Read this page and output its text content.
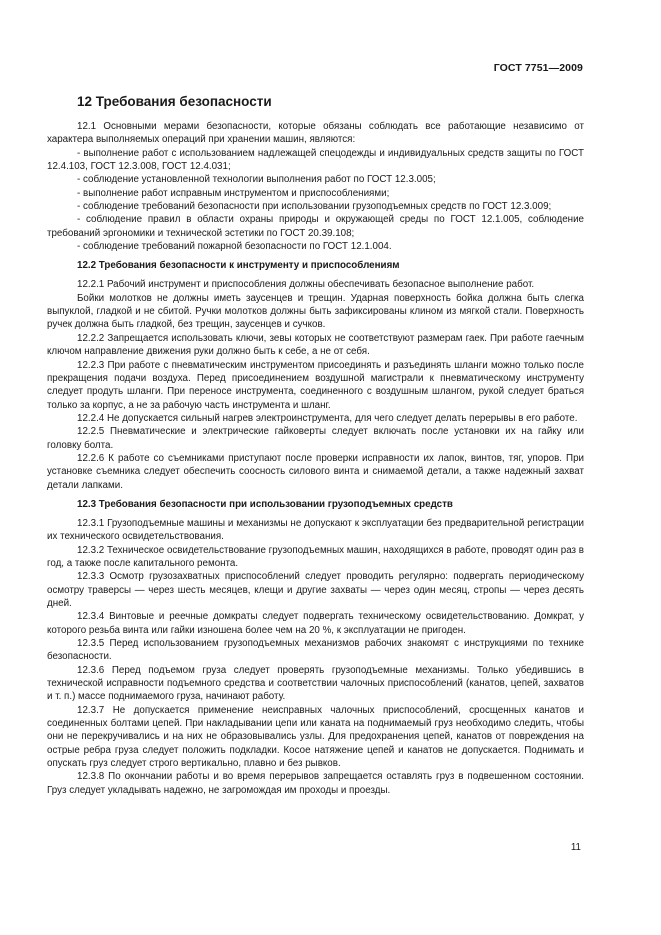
ГОСТ 7751—2009
12 Требования безопасности

12.1 Основными мерами безопасности, которые обязаны соблюдать все работающие независимо от характера выполняемых операций при хранении машин, являются:

- выполнение работ с использованием надлежащей спецодежды и индивидуальных средств защиты по ГОСТ 12.4.103, ГОСТ 12.3.008, ГОСТ 12.4.031;

- соблюдение установленной технологии выполнения работ по ГОСТ 12.3.005;

- выполнение работ исправным инструментом и приспособлениями;

- соблюдение требований безопасности при использовании грузоподъемных средств по ГОСТ 12.3.009;

- соблюдение правил в области охраны природы и окружающей среды по ГОСТ 12.1.005, соблюдение требований эргономики и технической эстетики по ГОСТ 20.39.108;

- соблюдение требований пожарной безопасности по ГОСТ 12.1.004.

12.2 Требования безопасности к инструменту и приспособлениям

12.2.1 Рабочий инструмент и приспособления должны обеспечивать безопасное выполнение работ.

Бойки молотков не должны иметь заусенцев и трещин. Ударная поверхность бойка должна быть слегка выпуклой, гладкой и не сбитой. Ручки молотков должны быть зафиксированы клином из мягкой стали. Поверхность ручек должна быть гладкой, без трещин, заусенцев и сучков.

12.2.2 Запрещается использовать ключи, зевы которых не соответствуют размерам гаек. При работе гаечным ключом направление движения руки должно быть к себе, а не от себя.

12.2.3 При работе с пневматическим инструментом присоединять и разъединять шланги можно только после прекращения подачи воздуха. Перед присоединением воздушной магистрали к пневматическому инструменту следует продуть шланги. При переносе инструмента, соединенного с воздушным шлангом, рукой следует браться только за корпус, а не за рабочую часть инструмента и шланг.

12.2.4 Не допускается сильный нагрев электроинструмента, для чего следует делать перерывы в его работе.

12.2.5 Пневматические и электрические гайковерты следует включать после установки их на гайку или головку болта.

12.2.6 К работе со съемниками приступают после проверки исправности их лапок, винтов, тяг, упоров. При установке съемника следует обеспечить соосность силового винта и снимаемой детали, а также надежный захват детали лапками.

12.3 Требования безопасности при использовании грузоподъемных средств

12.3.1 Грузоподъемные машины и механизмы не допускают к эксплуатации без предварительной регистрации их технического освидетельствования.

12.3.2 Техническое освидетельствование грузоподъемных машин, находящихся в работе, проводят один раз в год, а также после капитального ремонта.

12.3.3 Осмотр грузозахватных приспособлений следует проводить регулярно: подвергать периодическому осмотру траверсы — через шесть месяцев, клещи и другие захваты — через один месяц, стропы — через десять дней.

12.3.4 Винтовые и реечные домкраты следует подвергать техническому освидетельствованию. Домкрат, у которого резьба винта или гайки изношена более чем на 20 %, к эксплуатации не пригоден.

12.3.5 Перед использованием грузоподъемных механизмов рабочих знакомят с инструкциями по технике безопасности.

12.3.6 Перед подъемом груза следует проверять грузоподъемные механизмы. Только убедившись в технической исправности подъемного средства и соответствии чалочных приспособлений (канатов, цепей, захватов и т. п.) массе поднимаемого груза, начинают работу.

12.3.7 Не допускается применение неисправных чалочных приспособлений, сросщенных канатов и соединенных болтами цепей. При накладывании цепи или каната на поднимаемый груз необходимо следить, чтобы они не перекручивались и на них не образовывались узлы. Для предохранения цепей, канатов от повреждения на острые ребра груза следует положить подкладки. Косое натяжение цепей и канатов не допускается. Поднимать и опускать груз следует строго вертикально, плавно и без рывков.

12.3.8 По окончании работы и во время перерывов запрещается оставлять груз в подвешенном состоянии. Груз следует укладывать надежно, не загромождая им проходы и проезды.

11
